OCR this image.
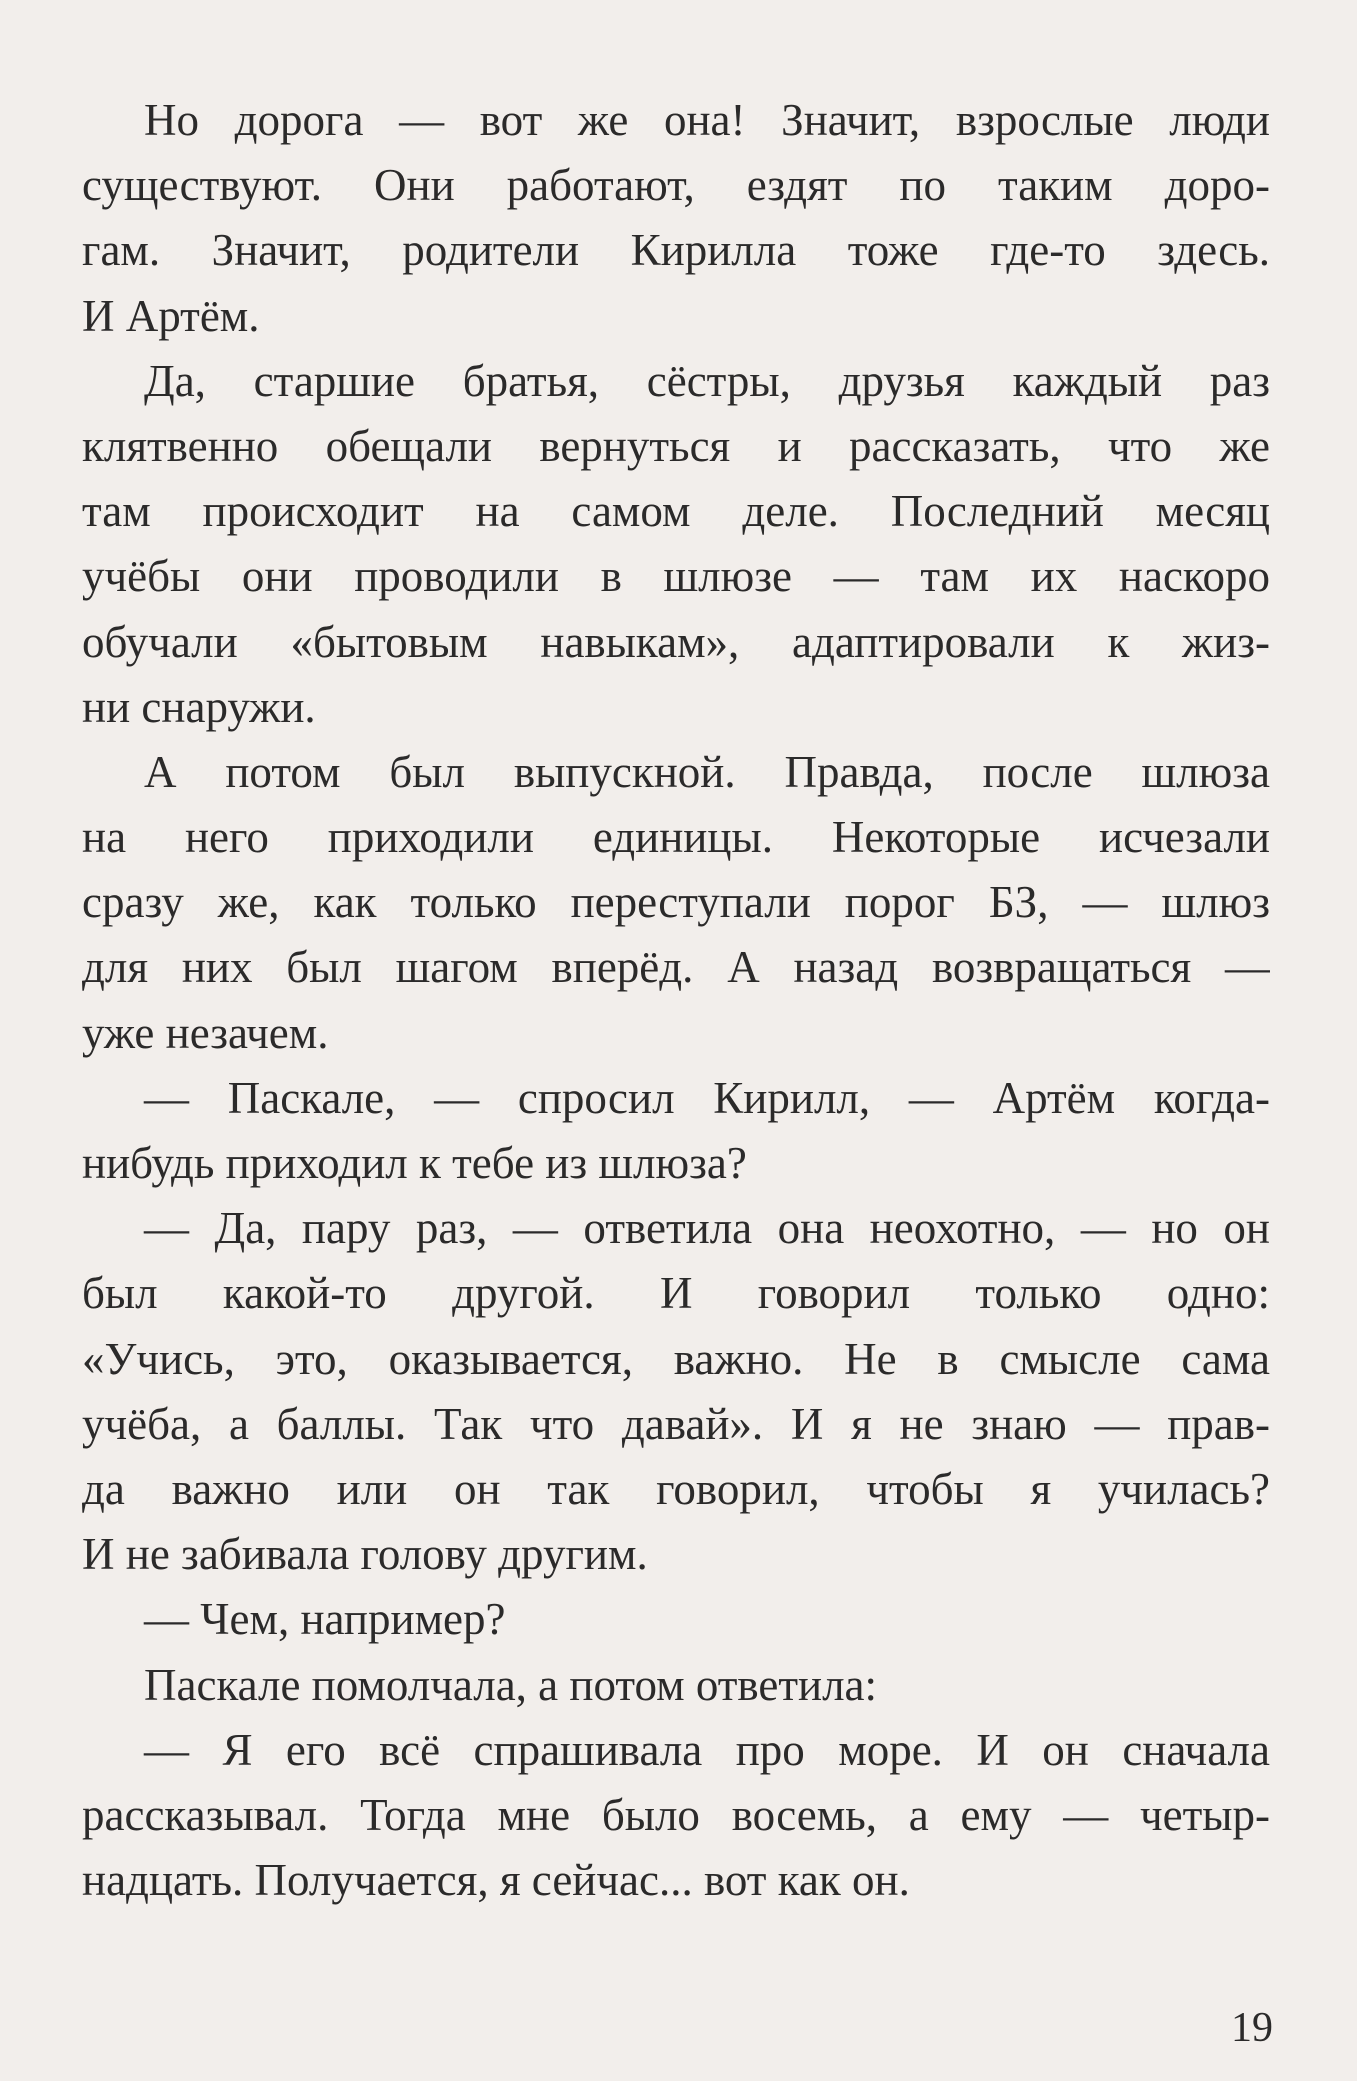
Но дорога — вот же она! Значит, взрослые люди
существуют. Они работают, ездят по таким доро-
гам. Значит, родители Кирилла тоже где-то здесь.
И Артём.
Да, старшие братья, сёстры, друзья каждый раз
клятвенно обещали вернуться и рассказать, что же
там происходит на самом деле. Последний месяц
учёбы они проводили в шлюзе — там их наскоро
обучали «бытовым навыкам», адаптировали к жиз-
ни снаружи.
А потом был выпускной. Правда, после шлюза
на него приходили единицы. Некоторые исчезали
сразу же, как только переступали порог БЗ, — шлюз
для них был шагом вперёд. А назад возвращаться —
уже незачем.
— Паскале, — спросил Кирилл, — Артём когда-
нибудь приходил к тебе из шлюза?
— Да, пару раз, — ответила она неохотно, — но он
был какой-то другой. И говорил только одно:
«Учись, это, оказывается, важно. Не в смысле сама
учёба, а баллы. Так что давай». И я не знаю — прав-
да важно или он так говорил, чтобы я училась?
И не забивала голову другим.
— Чем, например?
Паскале помолчала, а потом ответила:
— Я его всё спрашивала про море. И он сначала
рассказывал. Тогда мне было восемь, а ему — четыр-
надцать. Получается, я сейчас... вот как он.
19
